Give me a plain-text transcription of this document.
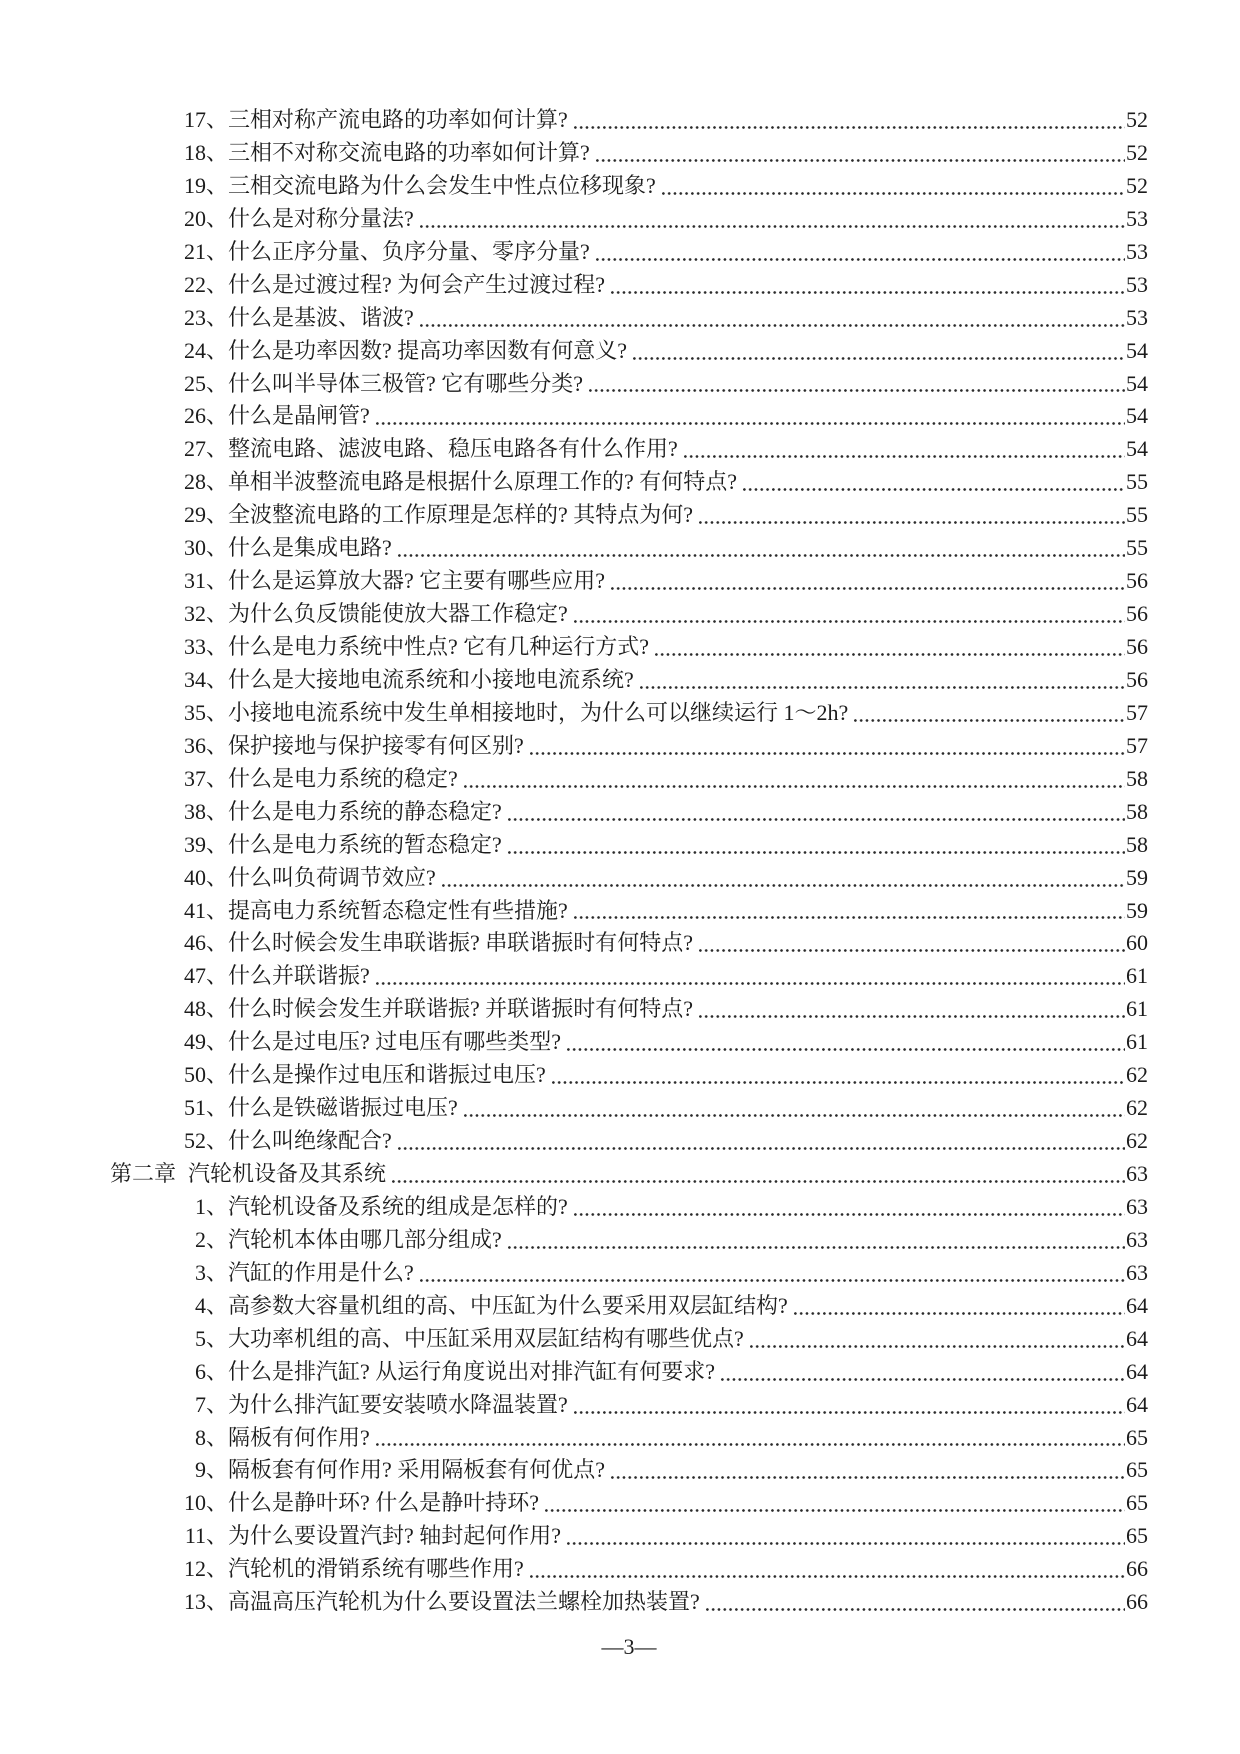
17、 三相对称产流电路的功率如何计算?	52
18、 三相不对称交流电路的功率如何计算?	52
19、 三相交流电路为什么会发生中性点位移现象?	52
20、 什么是对称分量法?	53
21、 什么正序分量、负序分量、零序分量?	53
22、 什么是过渡过程? 为何会产生过渡过程?	53
23、 什么是基波、谐波?	53
24、 什么是功率因数? 提高功率因数有何意义?	54
25、 什么叫半导体三极管? 它有哪些分类?	54
26、 什么是晶闸管?	54
27、 整流电路、滤波电路、稳压电路各有什么作用?	54
28、 单相半波整流电路是根据什么原理工作的? 有何特点?	55
29、 全波整流电路的工作原理是怎样的? 其特点为何?	55
30、 什么是集成电路?	55
31、 什么是运算放大器? 它主要有哪些应用?	56
32、 为什么负反馈能使放大器工作稳定?	56
33、 什么是电力系统中性点? 它有几种运行方式?	56
34、 什么是大接地电流系统和小接地电流系统?	56
35、 小接地电流系统中发生单相接地时，为什么可以继续运行 1～2h?	57
36、 保护接地与保护接零有何区别?	57
37、 什么是电力系统的稳定?	58
38、 什么是电力系统的静态稳定?	58
39、 什么是电力系统的暂态稳定?	58
40、 什么叫负荷调节效应?	59
41、 提高电力系统暂态稳定性有些措施?	59
46、 什么时候会发生串联谐振? 串联谐振时有何特点?	60
47、 什么并联谐振?	61
48、 什么时候会发生并联谐振? 并联谐振时有何特点?	61
49、 什么是过电压? 过电压有哪些类型?	61
50、 什么是操作过电压和谐振过电压?	62
51、 什么是铁磁谐振过电压?	62
52、 什么叫绝缘配合?	62
第二章 汽轮机设备及其系统	63
1、 汽轮机设备及系统的组成是怎样的?	63
2、 汽轮机本体由哪几部分组成?	63
3、 汽缸的作用是什么?	63
4、 高参数大容量机组的高、中压缸为什么要采用双层缸结构?	64
5、 大功率机组的高、中压缸采用双层缸结构有哪些优点?	64
6、 什么是排汽缸? 从运行角度说出对排汽缸有何要求?	64
7、 为什么排汽缸要安装喷水降温装置?	64
8、 隔板有何作用?	65
9、 隔板套有何作用? 采用隔板套有何优点?	65
10、 什么是静叶环? 什么是静叶持环?	65
11、 为什么要设置汽封? 轴封起何作用?	65
12、 汽轮机的滑销系统有哪些作用?	66
13、 高温高压汽轮机为什么要设置法兰螺栓加热装置?	66
—3—
